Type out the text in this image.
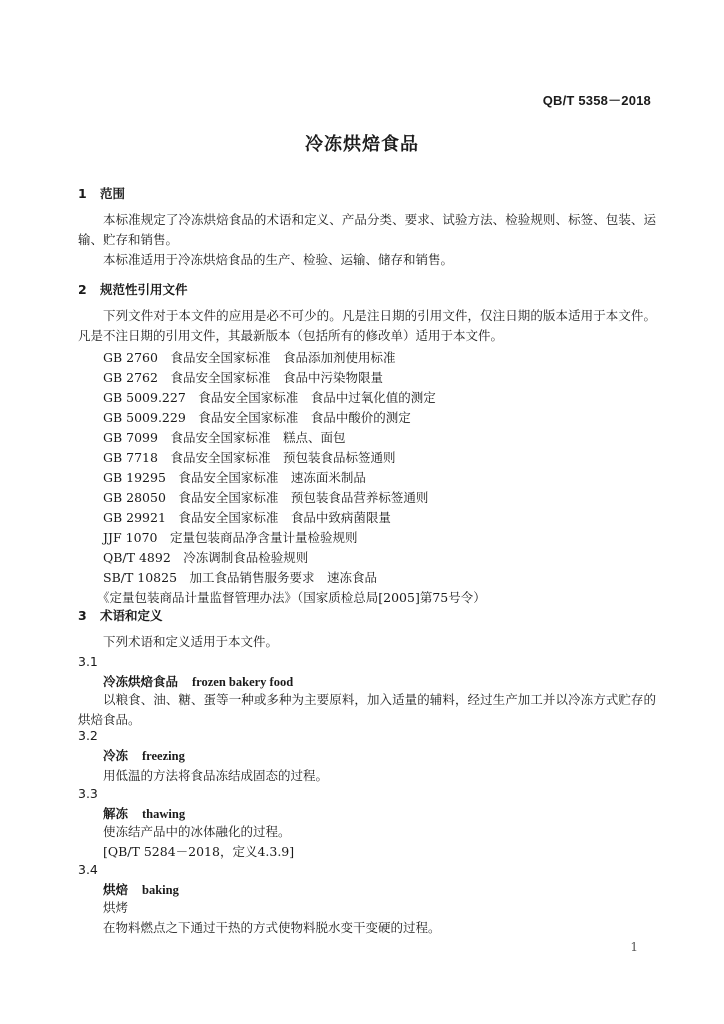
QB/T 5358－2018
冷冻烘焙食品
1 范围
本标准规定了冷冻烘焙食品的术语和定义、产品分类、要求、试验方法、检验规则、标签、包装、运输、贮存和销售。
本标准适用于冷冻烘焙食品的生产、检验、运输、储存和销售。
2 规范性引用文件
下列文件对于本文件的应用是必不可少的。凡是注日期的引用文件，仅注日期的版本适用于本文件。凡是不注日期的引用文件，其最新版本（包括所有的修改单）适用于本文件。
GB 2760　食品安全国家标准　食品添加剂使用标准
GB 2762　食品安全国家标准　食品中污染物限量
GB 5009.227　食品安全国家标准　食品中过氧化值的测定
GB 5009.229　食品安全国家标准　食品中酸价的测定
GB 7099　食品安全国家标准　糕点、面包
GB 7718　食品安全国家标准　预包装食品标签通则
GB 19295　食品安全国家标准　速冻面米制品
GB 28050　食品安全国家标准　预包装食品营养标签通则
GB 29921　食品安全国家标准　食品中致病菌限量
JJF 1070　定量包装商品净含量计量检验规则
QB/T 4892　冷冻调制食品检验规则
SB/T 10825　加工食品销售服务要求　速冻食品
《定量包装商品计量监督管理办法》（国家质检总局[2005]第75号令）
3 术语和定义
下列术语和定义适用于本文件。
3.1
冷冻烘焙食品 frozen bakery food
以粮食、油、糖、蛋等一种或多种为主要原料，加入适量的辅料，经过生产加工并以冷冻方式贮存的烘焙食品。
3.2
冷冻 freezing
用低温的方法将食品冻结成固态的过程。
3.3
解冻 thawing
使冻结产品中的冰体融化的过程。
[QB/T 5284－2018，定义4.3.9]
3.4
烘焙 baking
烘烤
在物料燃点之下通过干热的方式使物料脱水变干变硬的过程。
1
